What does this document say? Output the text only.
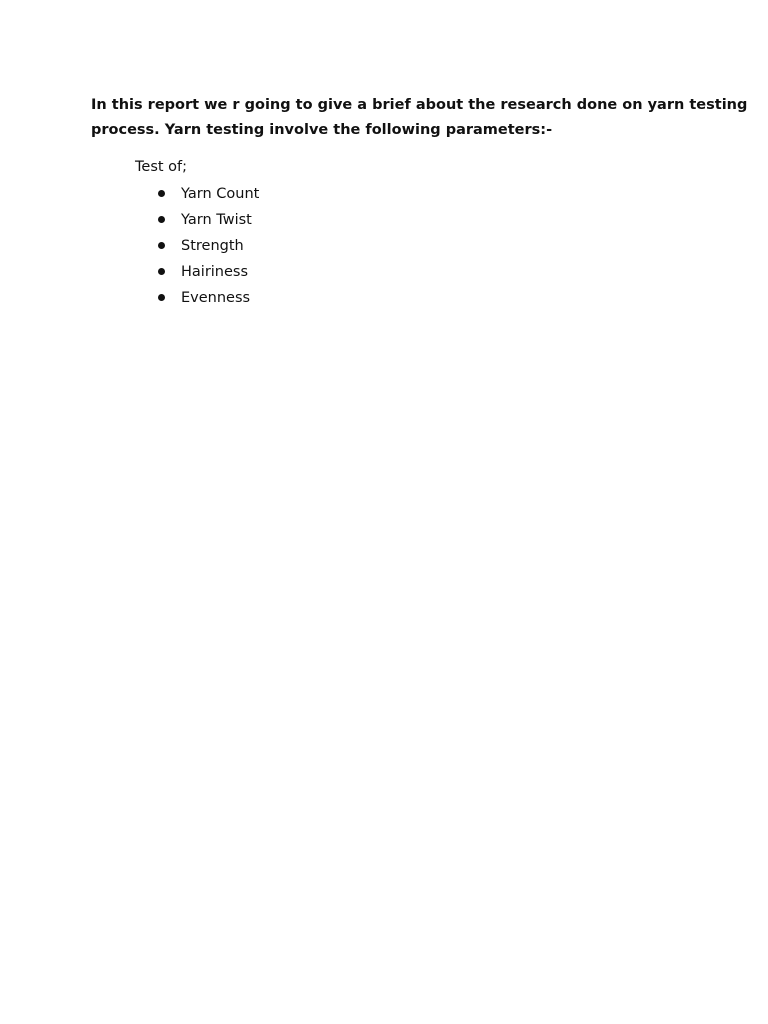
In this report we r going to give a brief about the research done on yarn testing
process. Yarn testing involve the following parameters:-

Test of;

Yarn Count
Yarn Twist
Strength
Hairiness
Evenness
